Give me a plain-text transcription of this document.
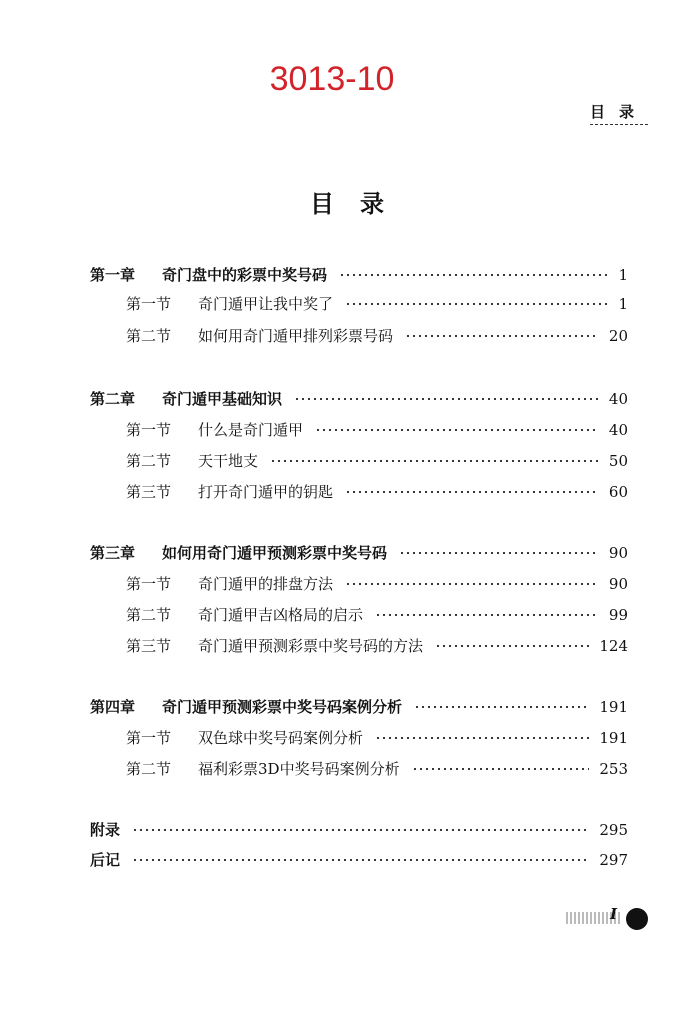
3013-10
目录
目录
第一章	奇门盘中的彩票中奖号码	1
第一节	奇门遁甲让我中奖了	1
第二节	如何用奇门遁甲排列彩票号码	20
第二章	奇门遁甲基础知识	40
第一节	什么是奇门遁甲	40
第二节	天干地支	50
第三节	打开奇门遁甲的钥匙	60
第三章	如何用奇门遁甲预测彩票中奖号码	90
第一节	奇门遁甲的排盘方法	90
第二节	奇门遁甲吉凶格局的启示	99
第三节	奇门遁甲预测彩票中奖号码的方法	124
第四章	奇门遁甲预测彩票中奖号码案例分析	191
第一节	双色球中奖号码案例分析	191
第二节	福利彩票3D中奖号码案例分析	253
附录	295
后记	297
I
